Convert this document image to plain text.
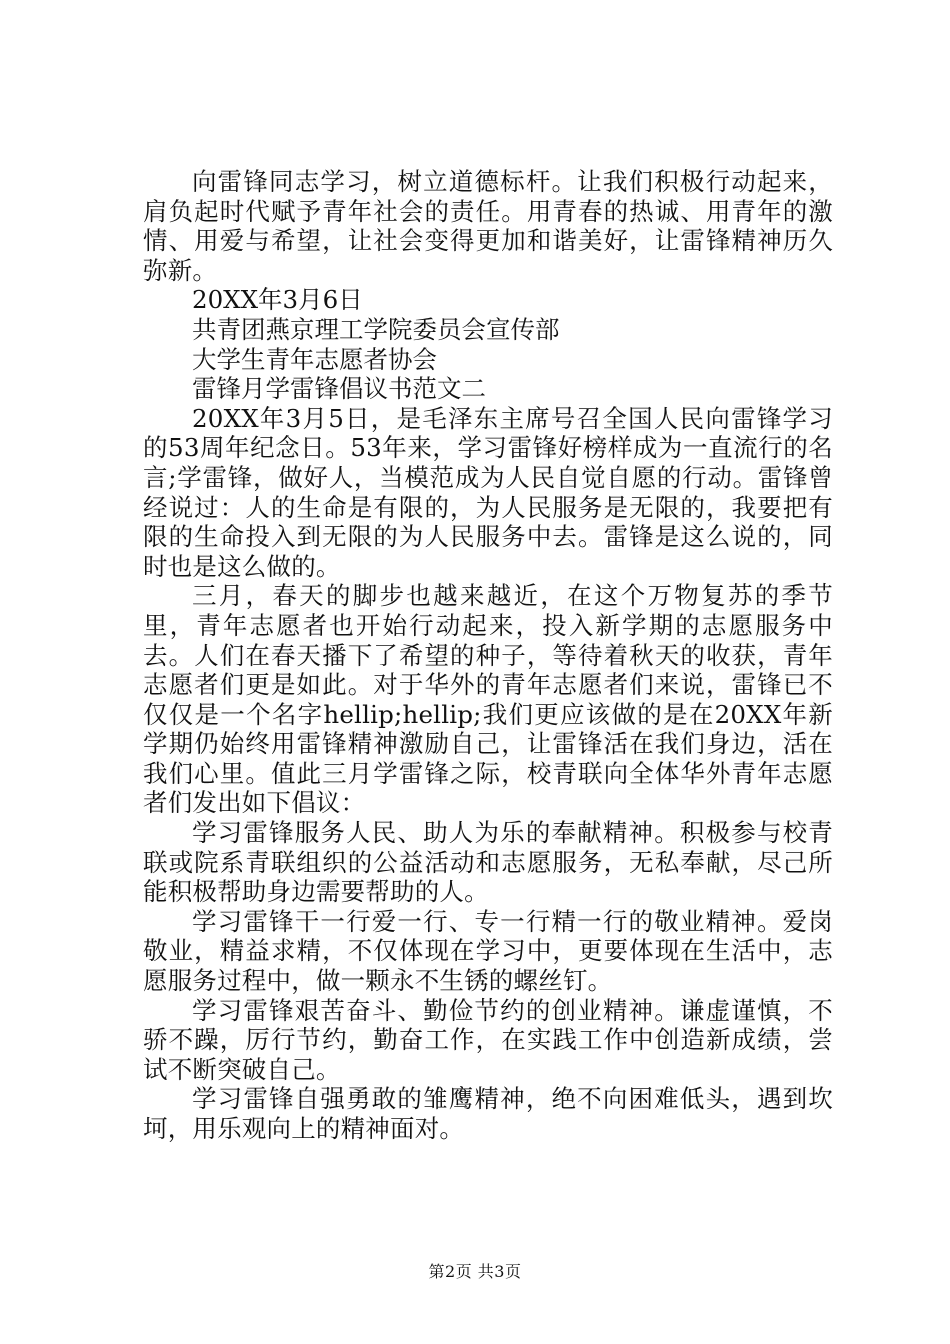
向雷锋同志学习，树立道德标杆。让我们积极行动起来，肩负起时代赋予青年社会的责任。用青春的热诚、用青年的激情、用爱与希望，让社会变得更加和谐美好，让雷锋精神历久弥新。

20XX年3月6日

共青团燕京理工学院委员会宣传部

大学生青年志愿者协会

雷锋月学雷锋倡议书范文二

20XX年3月5日，是毛泽东主席号召全国人民向雷锋学习的53周年纪念日。53年来，学习雷锋好榜样成为一直流行的名言;学雷锋，做好人，当模范成为人民自觉自愿的行动。雷锋曾经说过：人的生命是有限的，为人民服务是无限的，我要把有限的生命投入到无限的为人民服务中去。雷锋是这么说的，同时也是这么做的。

三月，春天的脚步也越来越近，在这个万物复苏的季节里，青年志愿者也开始行动起来，投入新学期的志愿服务中去。人们在春天播下了希望的种子，等待着秋天的收获，青年志愿者们更是如此。对于华外的青年志愿者们来说，雷锋已不仅仅是一个名字hellip;hellip;我们更应该做的是在20XX年新学期仍始终用雷锋精神激励自己，让雷锋活在我们身边，活在我们心里。值此三月学雷锋之际，校青联向全体华外青年志愿者们发出如下倡议：

学习雷锋服务人民、助人为乐的奉献精神。积极参与校青联或院系青联组织的公益活动和志愿服务，无私奉献，尽己所能积极帮助身边需要帮助的人。

学习雷锋干一行爱一行、专一行精一行的敬业精神。爱岗敬业，精益求精，不仅体现在学习中，更要体现在生活中，志愿服务过程中，做一颗永不生锈的螺丝钉。

学习雷锋艰苦奋斗、勤俭节约的创业精神。谦虚谨慎，不骄不躁，厉行节约，勤奋工作，在实践工作中创造新成绩，尝试不断突破自己。

学习雷锋自强勇敢的雏鹰精神，绝不向困难低头，遇到坎坷，用乐观向上的精神面对。

第2页 共3页
